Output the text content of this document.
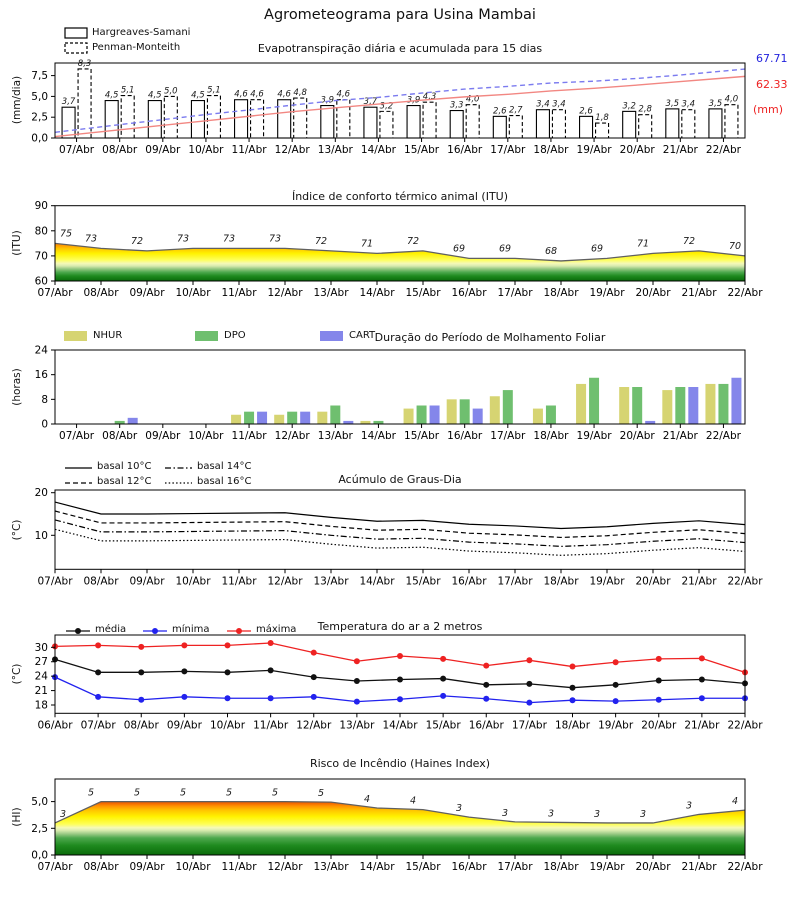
3,7
4,5	4,5	4,5	4,6	4,6
3,9	3,7	3,9	3,3
2,6
3,4
2,6	3,2	3,5	3,5
8,3
5,1	5,0	5,1	4,6	4,8	4,6
3,2
4,3	4,0
2,7
3,4
1,8
2,8	3,4	4,0
0,0
2,5
5,0
7,5
07/Abr 08/Abr 09/Abr 10/Abr 11/Abr 12/Abr 13/Abr 14/Abr 15/Abr 16/Abr 17/Abr 18/Abr 19/Abr 20/Abr 21/Abr 22/Abr
75 73	72	73	73	73	72	71	72
69	69	68	69	71	72	70
60
70
80
90
07/Abr 08/Abr 09/Abr 10/Abr 11/Abr 12/Abr 13/Abr 14/Abr 15/Abr 16/Abr 17/Abr 18/Abr 19/Abr 20/Abr 21/Abr 22/Abr
3
5	5	5	5	5	5
4	4
3	3	3	3	3
3	4
0,0
2,5
5,0
07/Abr 08/Abr 09/Abr 10/Abr 11/Abr 12/Abr 13/Abr 14/Abr 15/Abr 16/Abr 17/Abr 18/Abr 19/Abr 20/Abr 21/Abr 22/Abr
0
8
16
24
07/Abr 08/Abr 09/Abr 10/Abr 11/Abr 12/Abr 13/Abr 14/Abr 15/Abr 16/Abr 17/Abr 18/Abr 19/Abr 20/Abr 21/Abr 22/Abr
10
20
07/Abr 08/Abr 09/Abr 10/Abr 11/Abr 12/Abr 13/Abr 14/Abr 15/Abr 16/Abr 17/Abr 18/Abr 19/Abr 20/Abr 21/Abr 22/Abr
18
21
24
27
30
06/Abr 07/Abr 08/Abr 09/Abr 10/Abr 11/Abr 12/Abr 13/Abr 14/Abr 15/Abr 16/Abr 17/Abr 18/Abr 19/Abr 20/Abr 21/Abr 22/Abr
Agrometeograma para Usina Mambai
Evapotranspiração diária e acumulada para 15 dias
Hargreaves-Samani
Penman-Monteith
(mm/dia)
67.71
62.33
(mm)
Índice de conforto térmico animal (ITU)
(ITU)
Duração do Período de Molhamento Foliar
NHUR	DPO	CART
(horas)
Acúmulo de Graus-Dia
basal 10°C
basal 12°C
basal 14°C
basal 16°C
(°C)
Temperatura do ar a 2 metros
média	mínima	máxima
(°C)
Risco de Incêndio (Haines Index)
(HI)
